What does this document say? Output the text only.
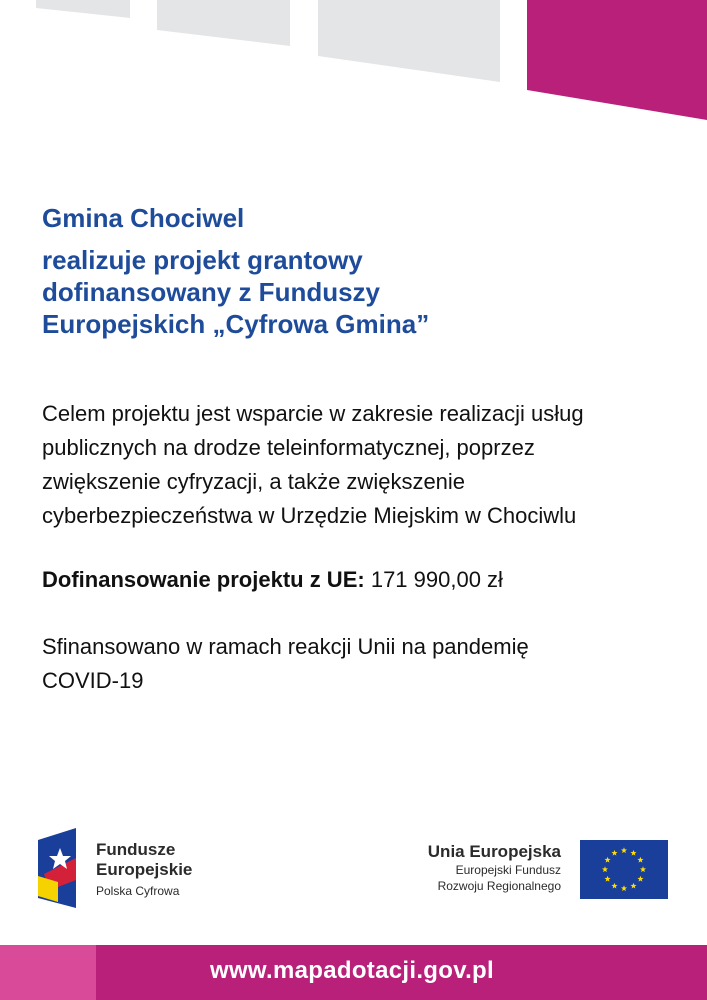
Gmina Chociwel
realizuje projekt grantowy
dofinansowany z Funduszy
Europejskich „Cyfrowa Gmina”

Celem projektu jest wsparcie w zakresie realizacji usług
publicznych na drodze teleinformatycznej, poprzez
zwiększenie cyfryzacji, a także zwiększenie
cyberbezpieczeństwa w Urzędzie Miejskim w Chociwlu

Dofinansowanie projektu z UE: 171 990,00 zł

Sfinansowano w ramach reakcji Unii na pandemię
COVID-19

Fundusze
Europejskie
Polska Cyfrowa
Unia Europejska
Europejski Fundusz
Rozwoju Regionalnego
www.mapadotacji.gov.pl
